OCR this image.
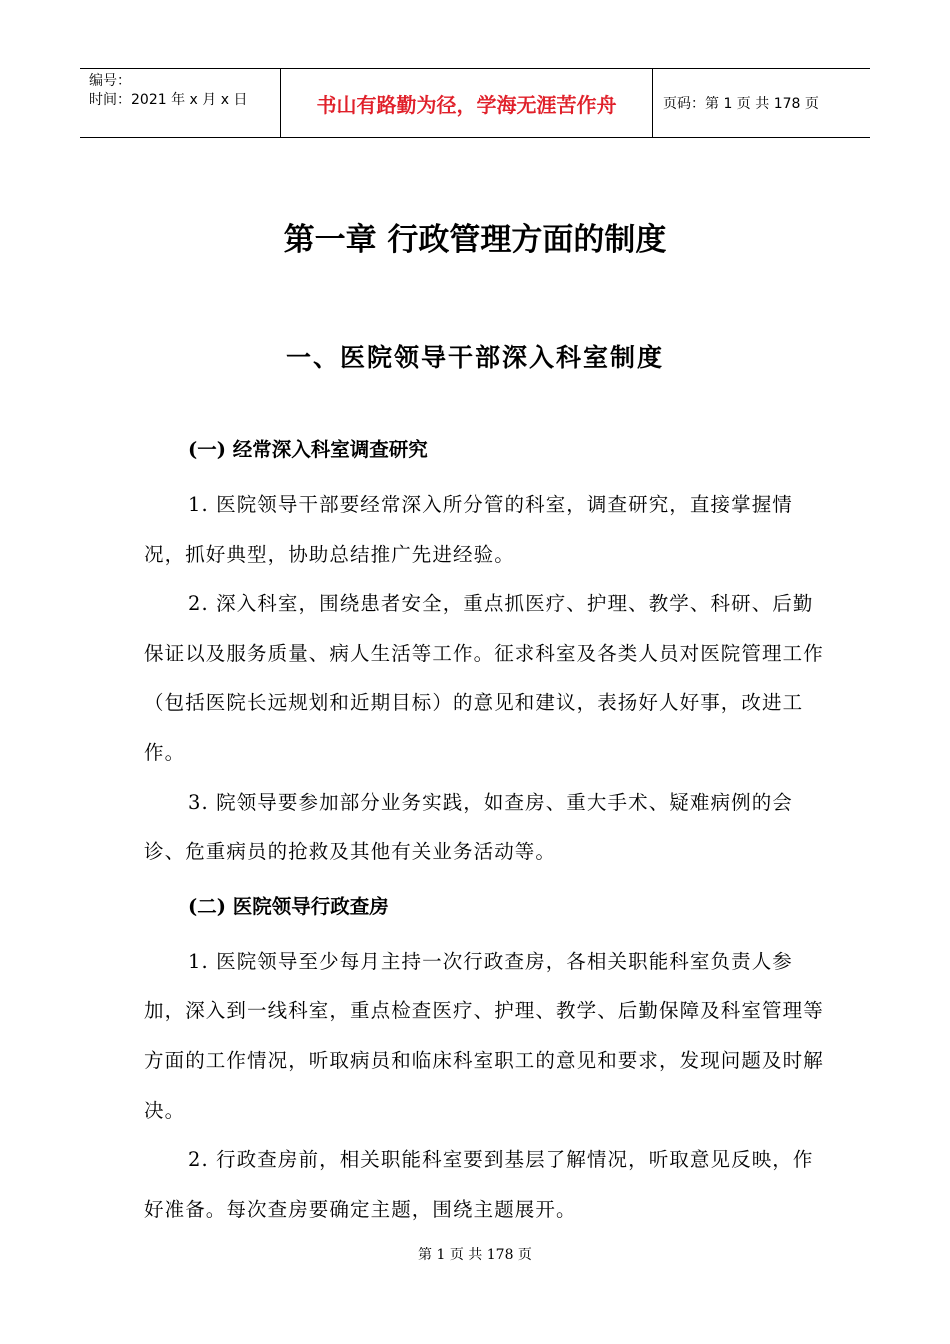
编号：
时间：2021 年 x 月 x 日	书山有路勤为径，学海无涯苦作舟	页码：第 1 页 共 178 页
第一章 行政管理方面的制度
一、医院领导干部深入科室制度
(一) 经常深入科室调查研究
1. 医院领导干部要经常深入所分管的科室，调查研究，直接掌握情况，抓好典型，协助总结推广先进经验。
2. 深入科室，围绕患者安全，重点抓医疗、护理、教学、科研、后勤保证以及服务质量、病人生活等工作。征求科室及各类人员对医院管理工作（包括医院长远规划和近期目标）的意见和建议，表扬好人好事，改进工作。
3. 院领导要参加部分业务实践，如查房、重大手术、疑难病例的会诊、危重病员的抢救及其他有关业务活动等。
(二) 医院领导行政查房
1. 医院领导至少每月主持一次行政查房，各相关职能科室负责人参加，深入到一线科室，重点检查医疗、护理、教学、后勤保障及科室管理等方面的工作情况，听取病员和临床科室职工的意见和要求，发现问题及时解决。
2. 行政查房前，相关职能科室要到基层了解情况，听取意见反映，作好准备。每次查房要确定主题，围绕主题展开。
第 1 页 共 178 页
